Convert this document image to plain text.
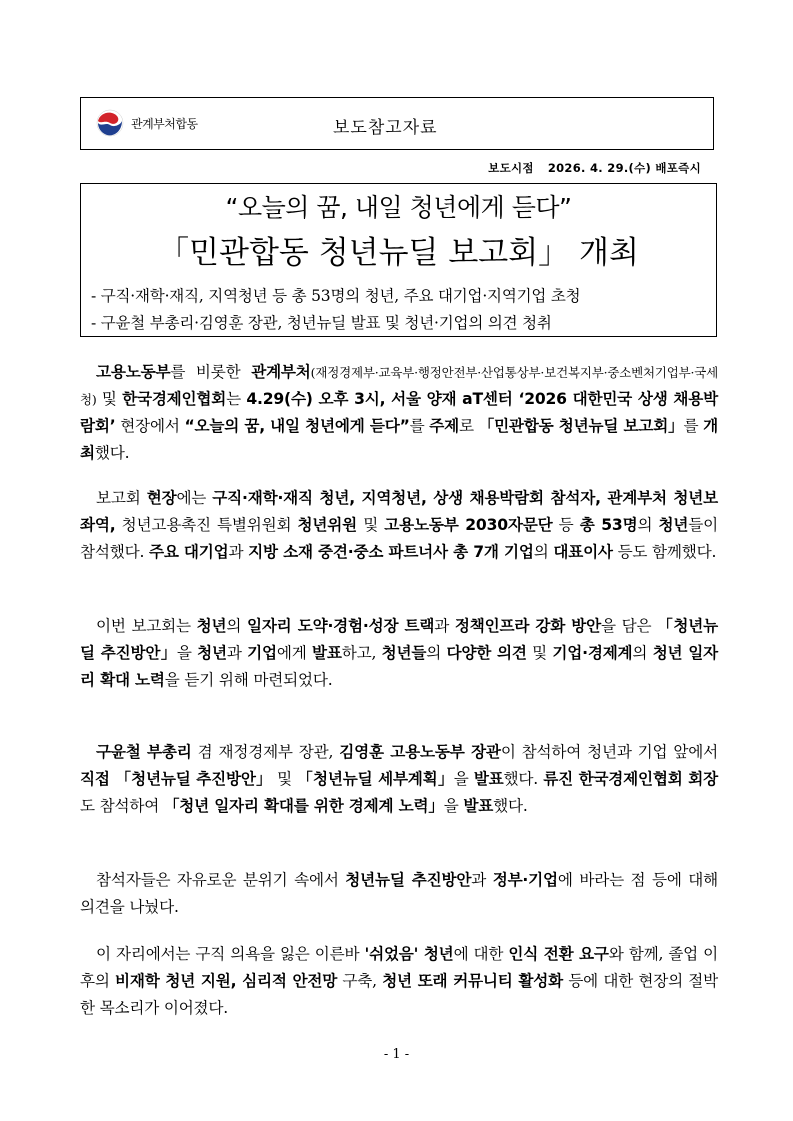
관계부처합동	보도참고자료
보도시점 2026. 4. 29.(수) 배포즉시
“오늘의 꿈, 내일 청년에게 듣다”
「민관합동 청년뉴딜 보고회」 개최
- 구직·재학·재직, 지역청년 등 총 53명의 청년, 주요 대기업·지역기업 초청
- 구윤철 부총리·김영훈 장관, 청년뉴딜 발표 및 청년·기업의 의견 청취

고용노동부를 비롯한 관계부처(재정경제부·교육부·행정안전부·산업통상부·보건복지부·중소벤처기업부·국세청) 및 한국경제인협회는 4.29(수) 오후 3시, 서울 양재 aT센터 ‘2026 대한민국 상생 채용박람회’ 현장에서 “오늘의 꿈, 내일 청년에게 듣다”를 주제로 「민관합동 청년뉴딜 보고회」를 개최했다.

보고회 현장에는 구직·재학·재직 청년, 지역청년, 상생 채용박람회 참석자, 관계부처 청년보좌역, 청년고용촉진 특별위원회 청년위원 및 고용노동부 2030자문단 등 총 53명의 청년들이 참석했다. 주요 대기업과 지방 소재 중견·중소 파트너사 총 7개 기업의 대표이사 등도 함께했다.

이번 보고회는 청년의 일자리 도약·경험·성장 트랙과 정책인프라 강화 방안을 담은 「청년뉴딜 추진방안」을 청년과 기업에게 발표하고, 청년들의 다양한 의견 및 기업·경제계의 청년 일자리 확대 노력을 듣기 위해 마련되었다.

구윤철 부총리 겸 재정경제부 장관, 김영훈 고용노동부 장관이 참석하여 청년과 기업 앞에서 직접 「청년뉴딜 추진방안」 및 「청년뉴딜 세부계획」을 발표했다. 류진 한국경제인협회 회장도 참석하여 「청년 일자리 확대를 위한 경제계 노력」을 발표했다.

참석자들은 자유로운 분위기 속에서 청년뉴딜 추진방안과 정부·기업에 바라는 점 등에 대해 의견을 나눴다.

이 자리에서는 구직 의욕을 잃은 이른바 '쉬었음' 청년에 대한 인식 전환 요구와 함께, 졸업 이후의 비재학 청년 지원, 심리적 안전망 구축, 청년 또래 커뮤니티 활성화 등에 대한 현장의 절박한 목소리가 이어졌다.

- 1 -
